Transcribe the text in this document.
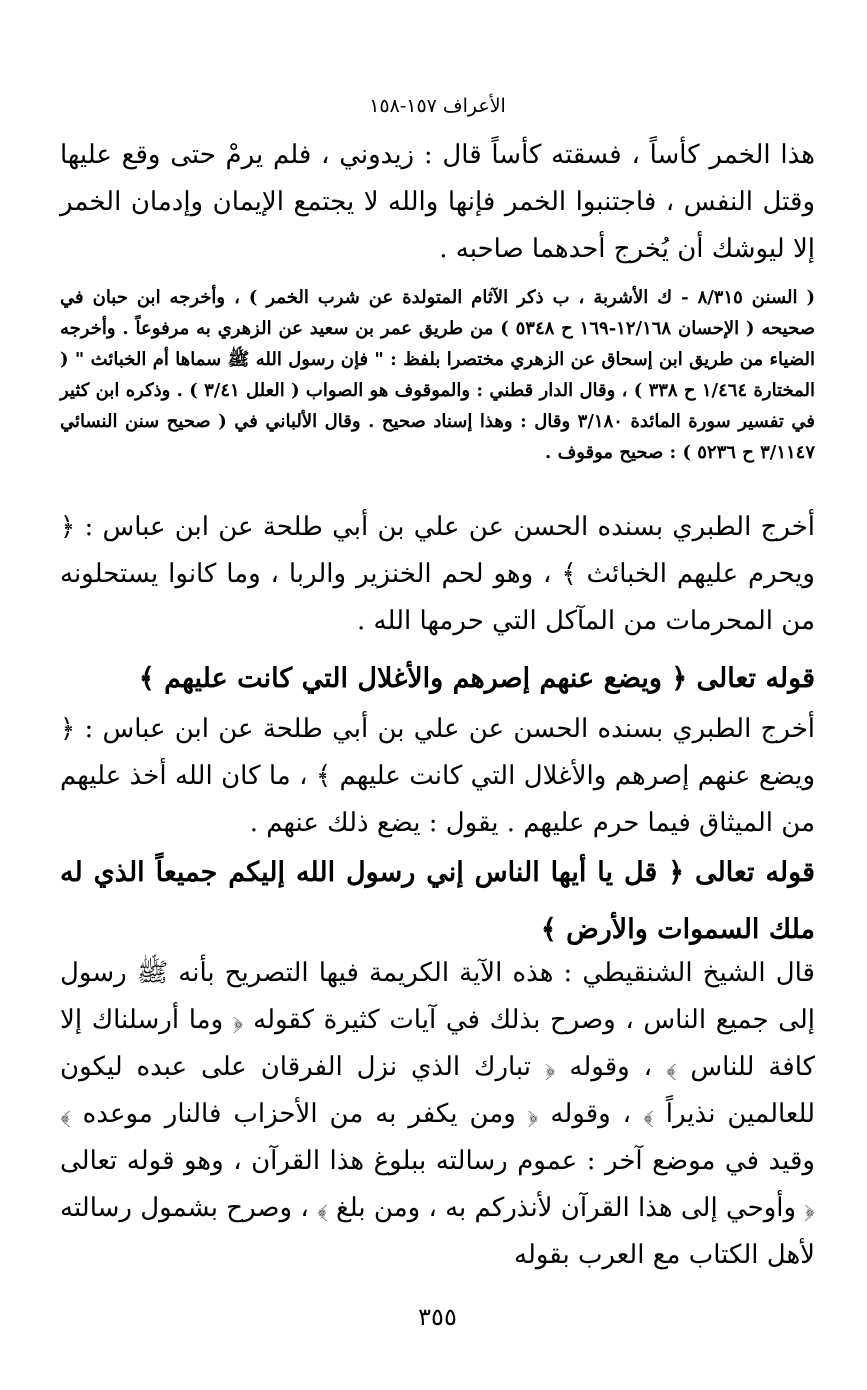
الأعراف ١٥٧-١٥٨

هذا الخمر كأساً ، فسقته كأساً قال : زيدوني ، فلم يرمْ حتى وقع عليها وقتل النفس ، فاجتنبوا الخمر فإنها والله لا يجتمع الإيمان وإدمان الخمر إلا ليوشك أن يُخرج أحدهما صاحبه .

( السنن ٨/٣١٥ - ك الأشربة ، ب ذكر الآثام المتولدة عن شرب الخمر ) ، وأخرجه ابن حبان في صحيحه ( الإحسان ١٢/١٦٨-١٦٩ ح ٥٣٤٨ ) من طريق عمر بن سعيد عن الزهري به مرفوعاً . وأخرجه الضياء من طريق ابن إسحاق عن الزهري مختصرا بلفظ : " فإن رسول الله ﷺ سماها أم الخبائث " ( المختارة ١/٤٦٤ ح ٣٣٨ ) ، وقال الدار قطني : والموقوف هو الصواب ( العلل ٣/٤١ ) . وذكره ابن كثير في تفسير سورة المائدة ٣/١٨٠ وقال : وهذا إسناد صحيح . وقال الألباني في ( صحيح سنن النسائي ٣/١١٤٧ ح ٥٢٣٦ ) : صحيح موقوف .

أخرج الطبري بسنده الحسن عن علي بن أبي طلحة عن ابن عباس : ﴿ ويحرم عليهم الخبائث ﴾ ، وهو لحم الخنزير والربا ، وما كانوا يستحلونه من المحرمات من المآكل التي حرمها الله .

قوله تعالى ﴿ ويضع عنهم إصرهم والأغلال التي كانت عليهم ﴾

أخرج الطبري بسنده الحسن عن علي بن أبي طلحة عن ابن عباس : ﴿ ويضع عنهم إصرهم والأغلال التي كانت عليهم ﴾ ، ما كان الله أخذ عليهم من الميثاق فيما حرم عليهم . يقول : يضع ذلك عنهم .

قوله تعالى ﴿ قل يا أيها الناس إني رسول الله إليكم جميعاً الذي له ملك السموات والأرض ﴾

قال الشيخ الشنقيطي : هذه الآية الكريمة فيها التصريح بأنه ﷺ رسول إلى جميع الناس ، وصرح بذلك في آيات كثيرة كقوله ﴿ وما أرسلناك إلا كافة للناس ﴾ ، وقوله ﴿ تبارك الذي نزل الفرقان على عبده ليكون للعالمين نذيراً ﴾ ، وقوله ﴿ ومن يكفر به من الأحزاب فالنار موعده ﴾ وقيد في موضع آخر : عموم رسالته ببلوغ هذا القرآن ، وهو قوله تعالى ﴿ وأوحي إلى هذا القرآن لأنذركم به ، ومن بلغ ﴾ ، وصرح بشمول رسالته لأهل الكتاب مع العرب بقوله

٣٥٥
